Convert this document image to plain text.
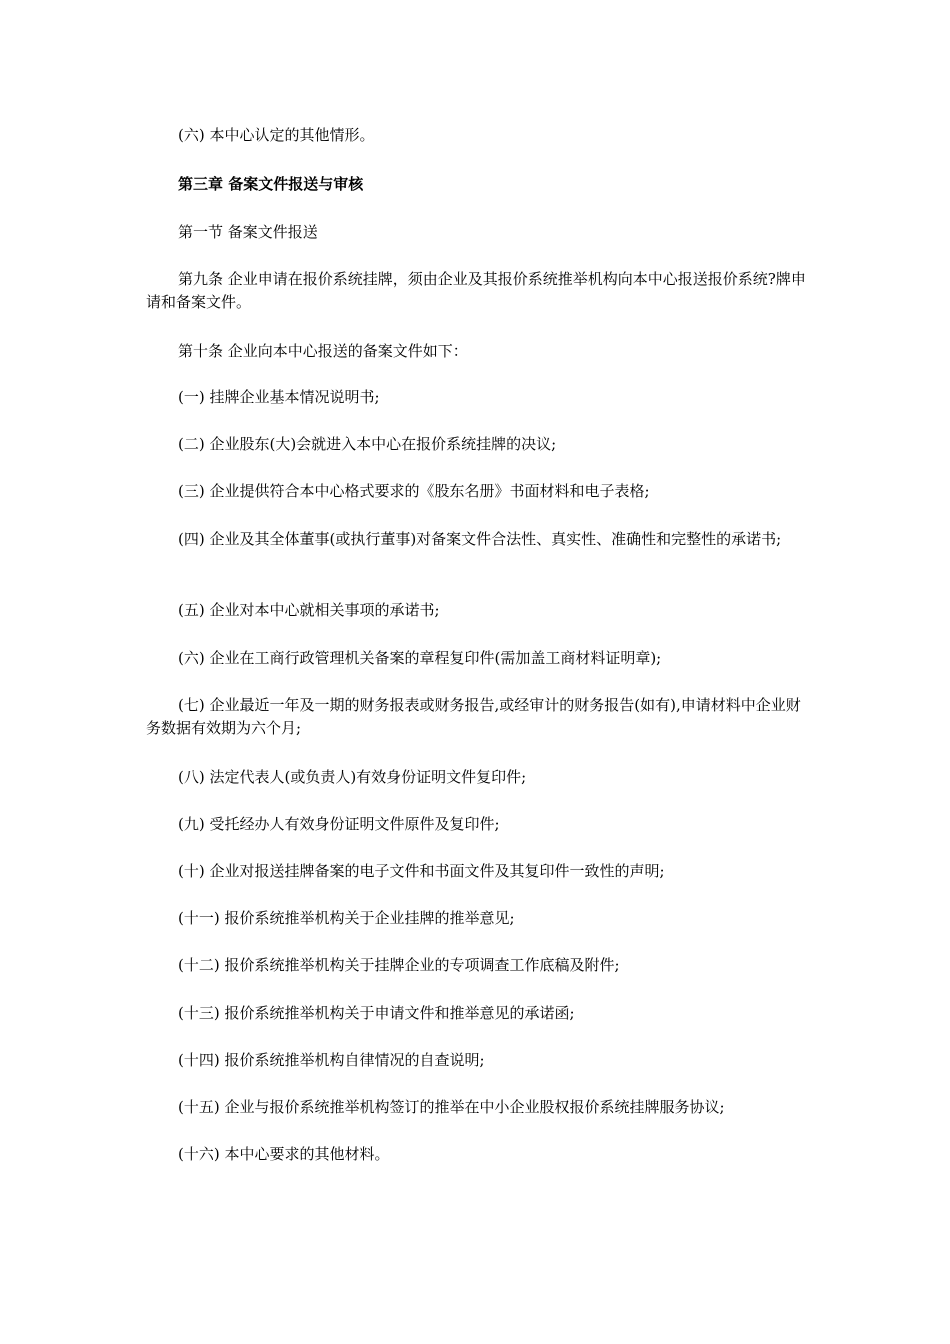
(六) 本中心认定的其他情形。
第三章 备案文件报送与审核
第一节 备案文件报送
第九条 企业申请在报价系统挂牌，须由企业及其报价系统推举机构向本中心报送报价系统?牌申请和备案文件。
第十条 企业向本中心报送的备案文件如下：
(一) 挂牌企业基本情况说明书;
(二) 企业股东(大)会就进入本中心在报价系统挂牌的决议;
(三) 企业提供符合本中心格式要求的《股东名册》书面材料和电子表格;
(四) 企业及其全体董事(或执行董事)对备案文件合法性、真实性、准确性和完整性的承诺书;
(五) 企业对本中心就相关事项的承诺书;
(六) 企业在工商行政管理机关备案的章程复印件(需加盖工商材料证明章);
(七) 企业最近一年及一期的财务报表或财务报告,或经审计的财务报告(如有),申请材料中企业财务数据有效期为六个月;
(八) 法定代表人(或负责人)有效身份证明文件复印件;
(九) 受托经办人有效身份证明文件原件及复印件;
(十) 企业对报送挂牌备案的电子文件和书面文件及其复印件一致性的声明;
(十一) 报价系统推举机构关于企业挂牌的推举意见;
(十二) 报价系统推举机构关于挂牌企业的专项调查工作底稿及附件;
(十三) 报价系统推举机构关于申请文件和推举意见的承诺函;
(十四) 报价系统推举机构自律情况的自查说明;
(十五) 企业与报价系统推举机构签订的推举在中小企业股权报价系统挂牌服务协议;
(十六) 本中心要求的其他材料。
